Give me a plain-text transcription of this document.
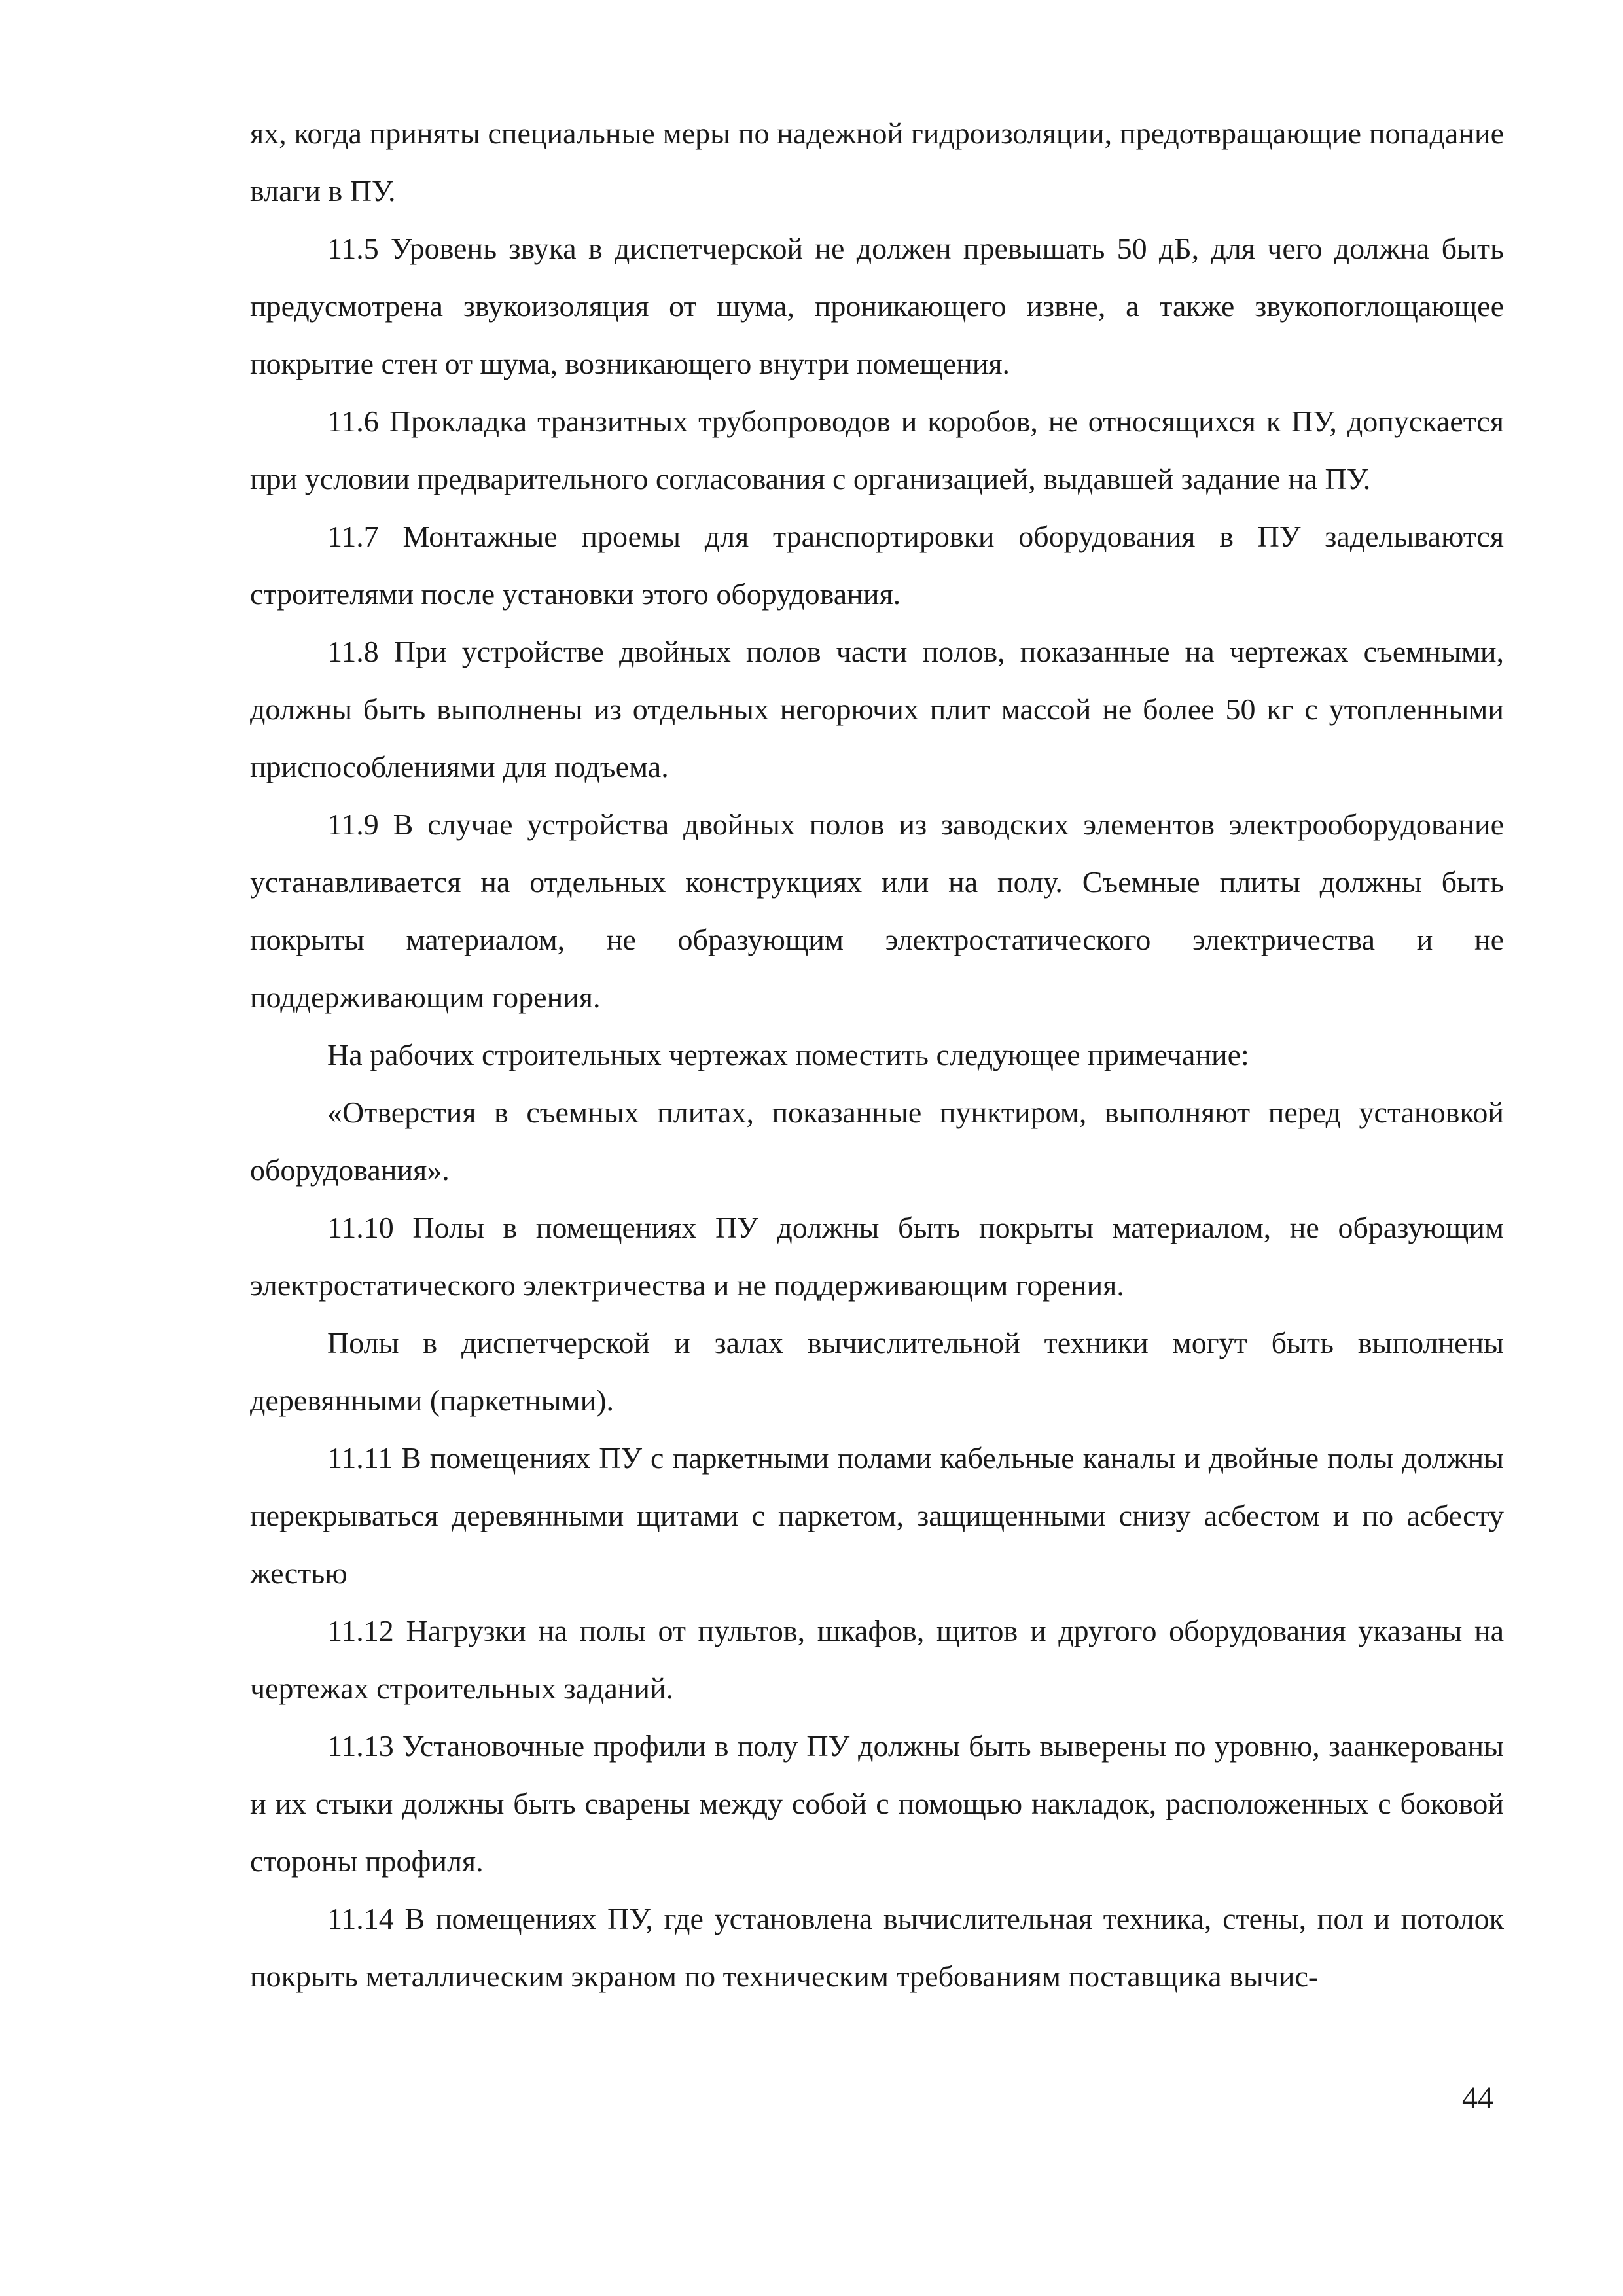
ях, когда приняты специальные меры по надежной гидроизоляции, предотвращающие попадание влаги в ПУ.

11.5 Уровень звука в диспетчерской не должен превышать 50 дБ, для чего должна быть предусмотрена звукоизоляция от шума, проникающего извне, а также звукопоглощающее покрытие стен от шума, возникающего внутри помещения.

11.6 Прокладка транзитных трубопроводов и коробов, не относящихся к ПУ, допускается при условии предварительного согласования с организацией, выдавшей задание на ПУ.

11.7 Монтажные проемы для транспортировки оборудования в ПУ заделываются строителями после установки этого оборудования.

11.8 При устройстве двойных полов части полов, показанные на чертежах съемными, должны быть выполнены из отдельных негорючих плит массой не более 50 кг с утопленными приспособлениями для подъема.

11.9 В случае устройства двойных полов из заводских элементов электрооборудование устанавливается на отдельных конструкциях или на полу. Съемные плиты должны быть покрыты материалом, не образующим электростатического электричества и не поддерживающим горения.

На рабочих строительных чертежах поместить следующее примечание:

«Отверстия в съемных плитах, показанные пунктиром, выполняют перед установкой оборудования».

11.10 Полы в помещениях ПУ должны быть покрыты материалом, не образующим электростатического электричества и не поддерживающим горения.

Полы в диспетчерской и залах вычислительной техники могут быть выполнены деревянными (паркетными).

11.11 В помещениях ПУ с паркетными полами кабельные каналы и двойные полы должны перекрываться деревянными щитами с паркетом, защищенными снизу асбестом и по асбесту жестью

11.12 Нагрузки на полы от пультов, шкафов, щитов и другого оборудования указаны на чертежах строительных заданий.

11.13 Установочные профили в полу ПУ должны быть выверены по уровню, заанкерованы и их стыки должны быть сварены между собой с помощью накладок, расположенных с боковой стороны профиля.

11.14 В помещениях ПУ, где установлена вычислительная техника, стены, пол и потолок покрыть металлическим экраном по техническим требованиям поставщика вычис-

44
